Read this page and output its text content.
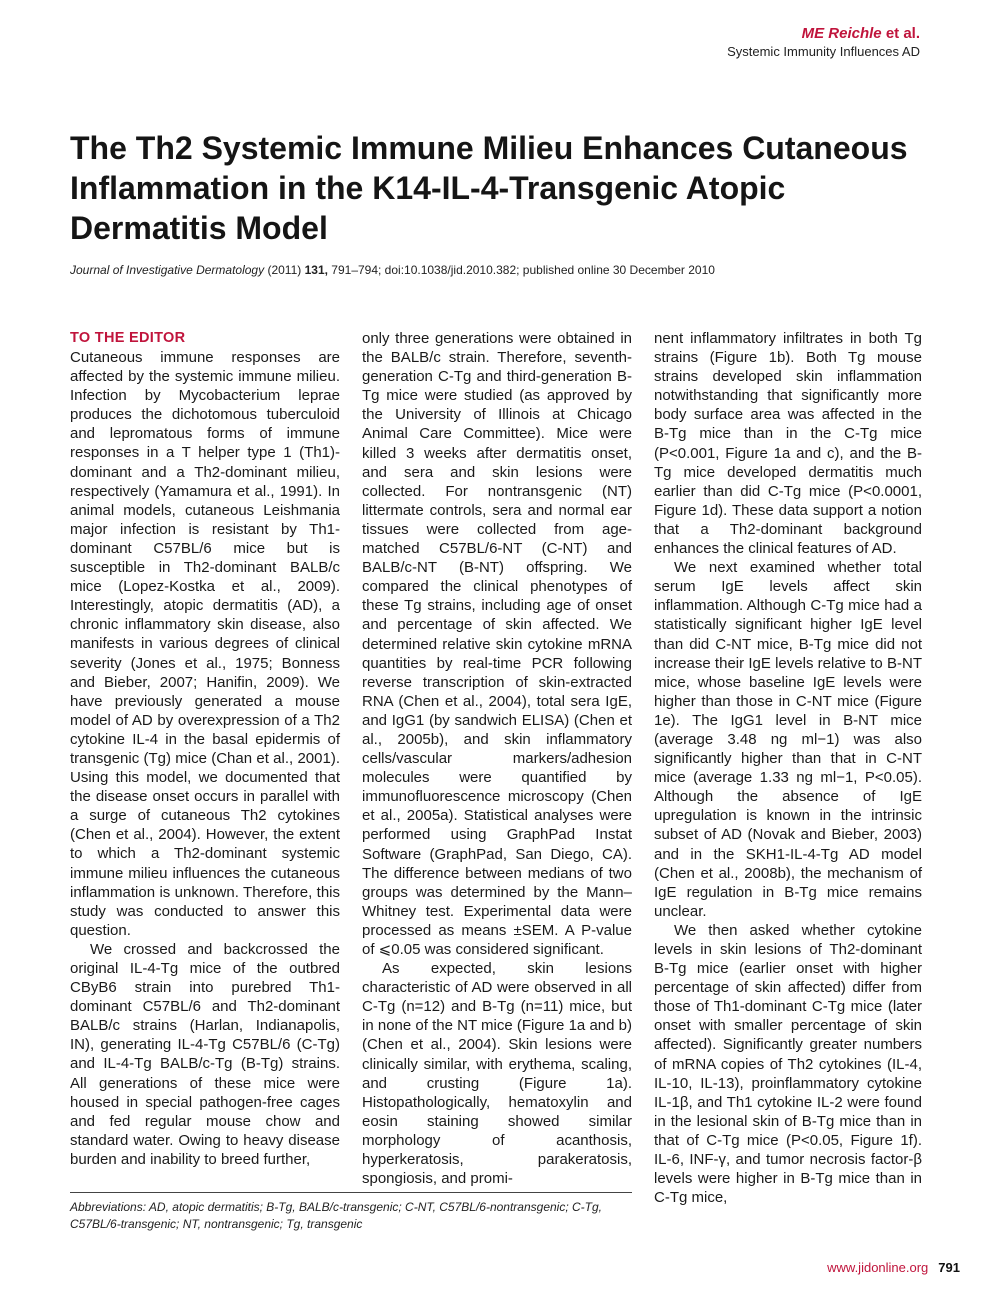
ME Reichle et al.
Systemic Immunity Influences AD
The Th2 Systemic Immune Milieu Enhances Cutaneous Inflammation in the K14-IL-4-Transgenic Atopic Dermatitis Model
Journal of Investigative Dermatology (2011) 131, 791–794; doi:10.1038/jid.2010.382; published online 30 December 2010
TO THE EDITOR

Cutaneous immune responses are affected by the systemic immune milieu. Infection by Mycobacterium leprae produces the dichotomous tuberculoid and lepromatous forms of immune responses in a T helper type 1 (Th1)-dominant and a Th2-dominant milieu, respectively (Yamamura et al., 1991). In animal models, cutaneous Leishmania major infection is resistant by Th1-dominant C57BL/6 mice but is susceptible in Th2-dominant BALB/c mice (Lopez-Kostka et al., 2009). Interestingly, atopic dermatitis (AD), a chronic inflammatory skin disease, also manifests in various degrees of clinical severity (Jones et al., 1975; Bonness and Bieber, 2007; Hanifin, 2009). We have previously generated a mouse model of AD by overexpression of a Th2 cytokine IL-4 in the basal epidermis of transgenic (Tg) mice (Chan et al., 2001). Using this model, we documented that the disease onset occurs in parallel with a surge of cutaneous Th2 cytokines (Chen et al., 2004). However, the extent to which a Th2-dominant systemic immune milieu influences the cutaneous inflammation is unknown. Therefore, this study was conducted to answer this question.

We crossed and backcrossed the original IL-4-Tg mice of the outbred CByB6 strain into purebred Th1-dominant C57BL/6 and Th2-dominant BALB/c strains (Harlan, Indianapolis, IN), generating IL-4-Tg C57BL/6 (C-Tg) and IL-4-Tg BALB/c-Tg (B-Tg) strains. All generations of these mice were housed in special pathogen-free cages and fed regular mouse chow and standard water. Owing to heavy disease burden and inability to breed further,

only three generations were obtained in the BALB/c strain. Therefore, seventh-generation C-Tg and third-generation B-Tg mice were studied (as approved by the University of Illinois at Chicago Animal Care Committee). Mice were killed 3 weeks after dermatitis onset, and sera and skin lesions were collected. For nontransgenic (NT) littermate controls, sera and normal ear tissues were collected from age-matched C57BL/6-NT (C-NT) and BALB/c-NT (B-NT) offspring. We compared the clinical phenotypes of these Tg strains, including age of onset and percentage of skin affected. We determined relative skin cytokine mRNA quantities by real-time PCR following reverse transcription of skin-extracted RNA (Chen et al., 2004), total sera IgE, and IgG1 (by sandwich ELISA) (Chen et al., 2005b), and skin inflammatory cells/vascular markers/adhesion molecules were quantified by immunofluorescence microscopy (Chen et al., 2005a). Statistical analyses were performed using GraphPad Instat Software (GraphPad, San Diego, CA). The difference between medians of two groups was determined by the Mann–Whitney test. Experimental data were processed as means ±SEM. A P-value of ⩽0.05 was considered significant.

As expected, skin lesions characteristic of AD were observed in all C-Tg (n=12) and B-Tg (n=11) mice, but in none of the NT mice (Figure 1a and b) (Chen et al., 2004). Skin lesions were clinically similar, with erythema, scaling, and crusting (Figure 1a). Histopathologically, hematoxylin and eosin staining showed similar morphology of acanthosis, hyperkeratosis, parakeratosis, spongiosis, and promi-

nent inflammatory infiltrates in both Tg strains (Figure 1b). Both Tg mouse strains developed skin inflammation notwithstanding that significantly more body surface area was affected in the B-Tg mice than in the C-Tg mice (P<0.001, Figure 1a and c), and the B-Tg mice developed dermatitis much earlier than did C-Tg mice (P<0.0001, Figure 1d). These data support a notion that a Th2-dominant background enhances the clinical features of AD.

We next examined whether total serum IgE levels affect skin inflammation. Although C-Tg mice had a statistically significant higher IgE level than did C-NT mice, B-Tg mice did not increase their IgE levels relative to B-NT mice, whose baseline IgE levels were higher than those in C-NT mice (Figure 1e). The IgG1 level in B-NT mice (average 3.48 ng ml−1) was also significantly higher than that in C-NT mice (average 1.33 ng ml−1, P<0.05). Although the absence of IgE upregulation is known in the intrinsic subset of AD (Novak and Bieber, 2003) and in the SKH1-IL-4-Tg AD model (Chen et al., 2008b), the mechanism of IgE regulation in B-Tg mice remains unclear.

We then asked whether cytokine levels in skin lesions of Th2-dominant B-Tg mice (earlier onset with higher percentage of skin affected) differ from those of Th1-dominant C-Tg mice (later onset with smaller percentage of skin affected). Significantly greater numbers of mRNA copies of Th2 cytokines (IL-4, IL-10, IL-13), proinflammatory cytokine IL-1β, and Th1 cytokine IL-2 were found in the lesional skin of B-Tg mice than in that of C-Tg mice (P<0.05, Figure 1f). IL-6, INF-γ, and tumor necrosis factor-β levels were higher in B-Tg mice than in C-Tg mice,

Abbreviations: AD, atopic dermatitis; B-Tg, BALB/c-transgenic; C-NT, C57BL/6-nontransgenic; C-Tg, C57BL/6-transgenic; NT, nontransgenic; Tg, transgenic
www.jidonline.org 791
